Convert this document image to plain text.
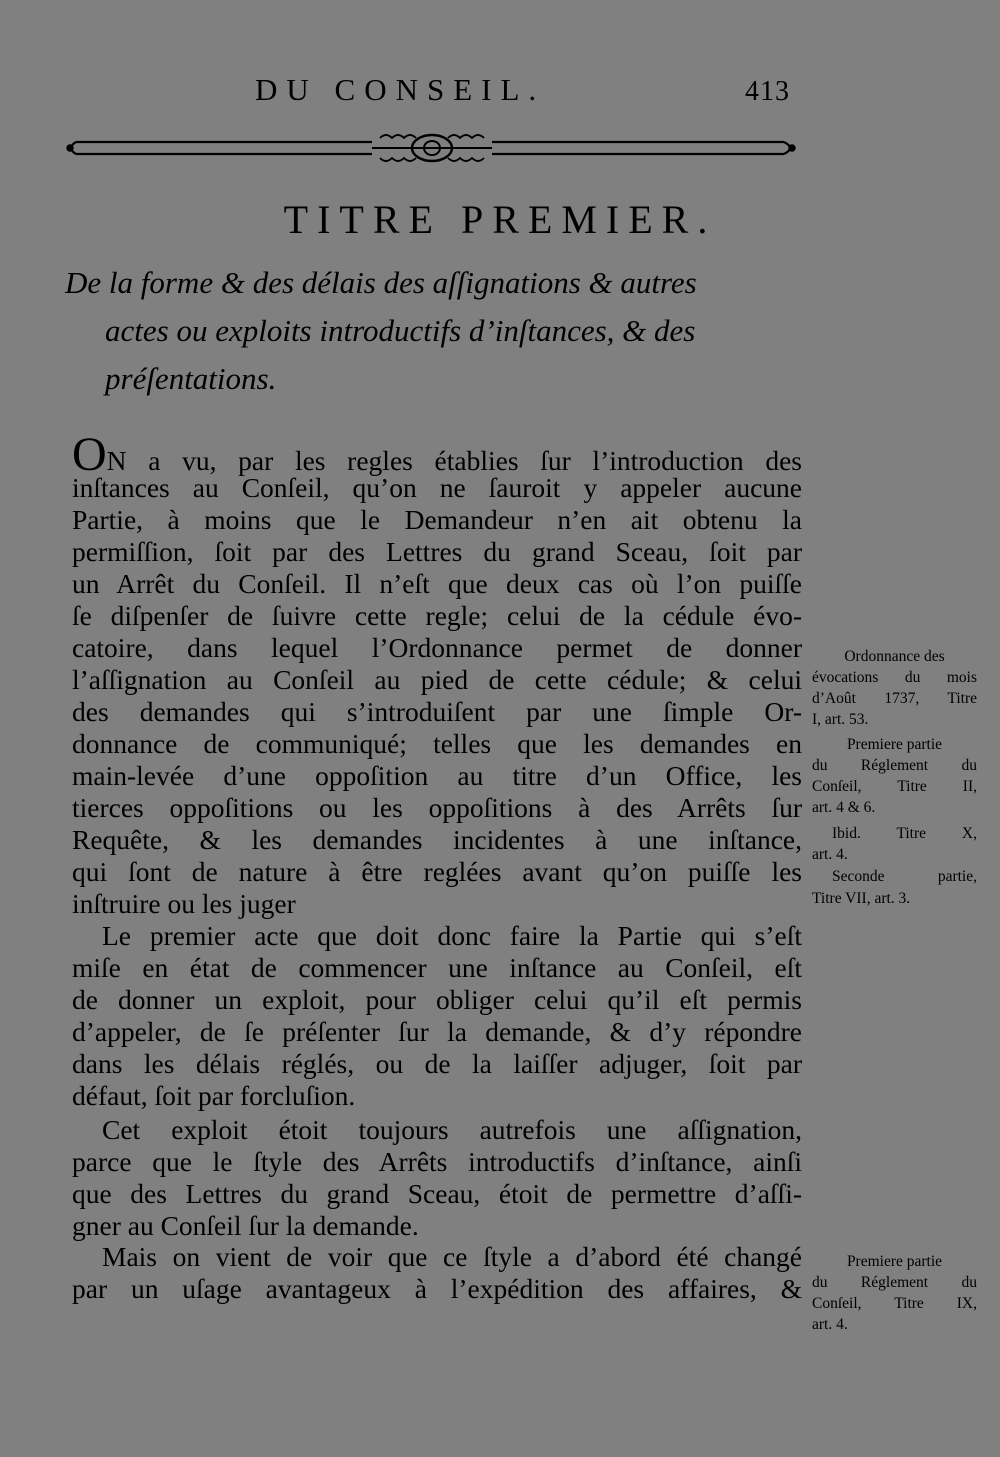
DU CONSEIL.	413
TITRE PREMIER.
De la forme & des délais des aſſignations & autres
actes ou exploits introductifs d’inſtances, & des
préſentations.
ON a vu, par les regles établies ſur l’introduction des
inſtances au Conſeil, qu’on ne ſauroit y appeler aucune
Partie, à moins que le Demandeur n’en ait obtenu la
permiſſion, ſoit par des Lettres du grand Sceau, ſoit par
un Arrêt du Conſeil. Il n’eſt que deux cas où l’on puiſſe
ſe diſpenſer de ſuivre cette regle; celui de la cédule évo-
catoire, dans lequel l’Ordonnance permet de donner
l’aſſignation au Conſeil au pied de cette cédule; & celui
des demandes qui s’introduiſent par une ſimple Or-
donnance de communiqué; telles que les demandes en
main-levée d’une oppoſition au titre d’un Office, les
tierces oppoſitions ou les oppoſitions à des Arrêts ſur
Requête, & les demandes incidentes à une inſtance,
qui ſont de nature à être reglées avant qu’on puiſſe les
inſtruire ou les juger
Le premier acte que doit donc faire la Partie qui s’eſt
miſe en état de commencer une inſtance au Conſeil, eſt
de donner un exploit, pour obliger celui qu’il eſt permis
d’appeler, de ſe préſenter ſur la demande, & d’y répondre
dans les délais réglés, ou de la laiſſer adjuger, ſoit par
défaut, ſoit par forcluſion.
Cet exploit étoit toujours autrefois une aſſignation,
parce que le ſtyle des Arrêts introductifs d’inſtance, ainſi
que des Lettres du grand Sceau, étoit de permettre d’aſſi-
gner au Conſeil ſur la demande.
Mais on vient de voir que ce ſtyle a d’abord été changé
par un uſage avantageux à l’expédition des affaires, &
Ordonnance des
évocations du mois
d’Août 1737, Titre
I, art. 53.
Premiere partie
du Réglement du
Conſeil, Titre II,
art. 4 & 6.
Ibid. Titre X,
art. 4.
Seconde partie,
Titre VII, art. 3.
Premiere partie
du Réglement du
Conſeil, Titre IX,
art. 4.
